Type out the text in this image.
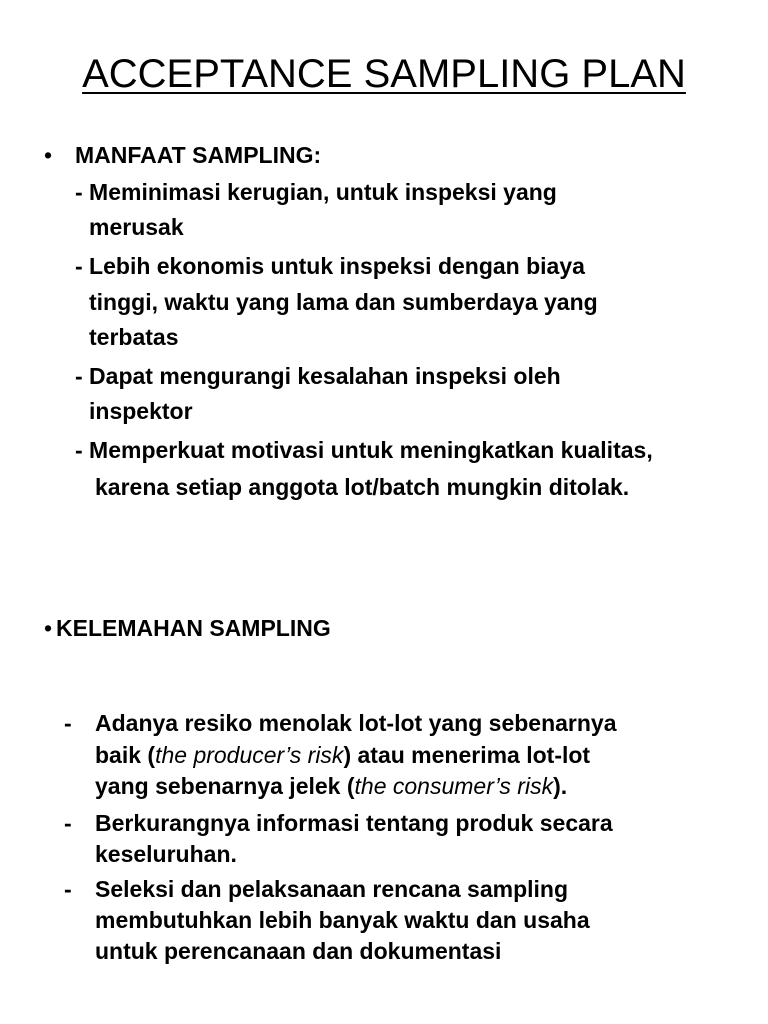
ACCEPTANCE SAMPLING PLAN
• MANFAAT SAMPLING:
- Meminimasi kerugian, untuk inspeksi yang
merusak
- Lebih ekonomis untuk inspeksi dengan biaya
tinggi, waktu yang lama dan sumberdaya yang
terbatas
- Dapat mengurangi kesalahan inspeksi oleh
inspektor
- Memperkuat motivasi untuk meningkatkan kualitas,
karena setiap anggota lot/batch mungkin ditolak.
• KELEMAHAN SAMPLING
- Adanya resiko menolak lot-lot yang sebenarnya
baik (the producer’s risk) atau menerima lot-lot
yang sebenarnya jelek (the consumer’s risk).
- Berkurangnya informasi tentang produk secara
keseluruhan.
- Seleksi dan pelaksanaan rencana sampling
membutuhkan lebih banyak waktu dan usaha
untuk perencanaan dan dokumentasi
